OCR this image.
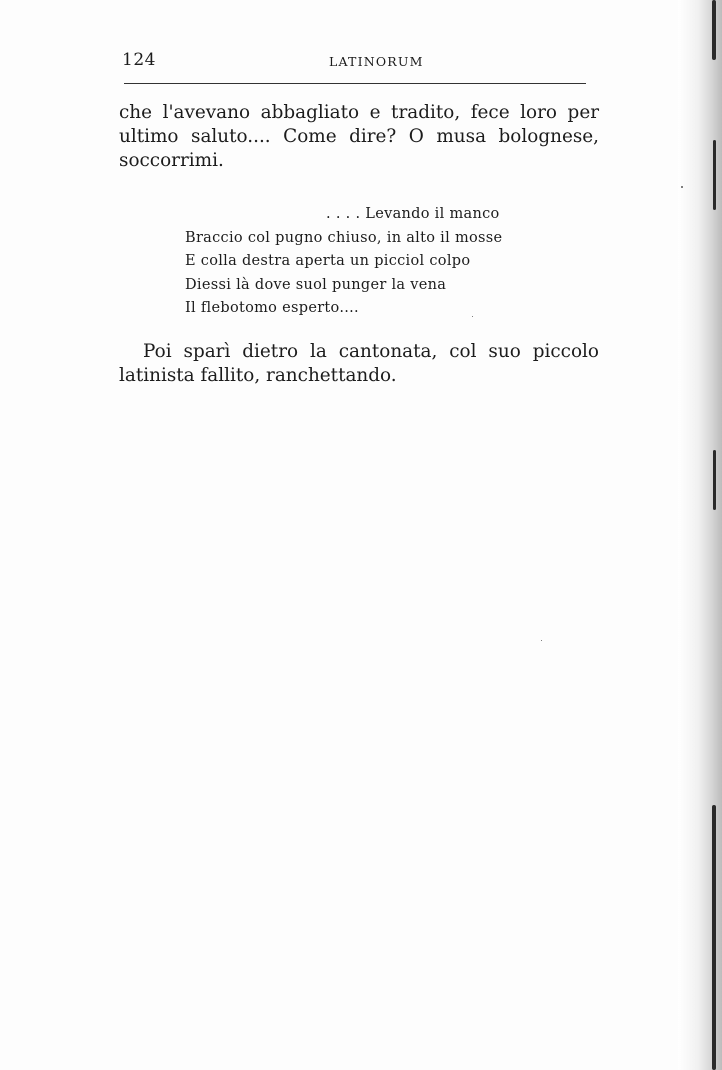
124	LATINORUM

che l'avevano abbagliato e tradito, fece loro per ultimo saluto.... Come dire? O musa bolognese, soccorrimi.

. . . . Levando il manco
Braccio col pugno chiuso, in alto il mosse
E colla destra aperta un picciol colpo
Diessi là dove suol punger la vena
Il flebotomo esperto....

Poi sparì dietro la cantonata, col suo piccolo latinista fallito, ranchettando.
